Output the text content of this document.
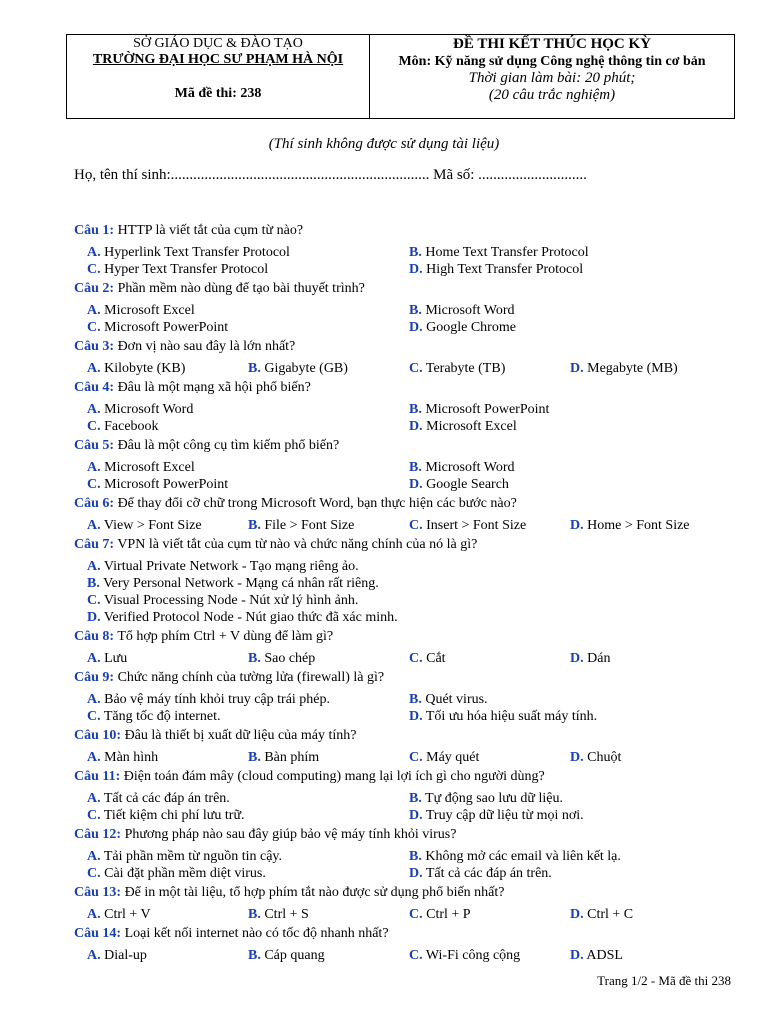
SỞ GIÁO DỤC & ĐÀO TẠO
TRƯỜNG ĐẠI HỌC SƯ PHẠM HÀ NỘI
Mã đề thi: 238
ĐỀ THI KẾT THÚC HỌC KỲ
Môn: Kỹ năng sử dụng Công nghệ thông tin cơ bản
Thời gian làm bài: 20 phút;
(20 câu trắc nghiệm)
(Thí sinh không được sử dụng tài liệu)
Họ, tên thí sinh:..................................................................... Mã số: .............................
Câu 1: HTTP là viết tắt của cụm từ nào?
A. Hyperlink Text Transfer Protocol	B. Home Text Transfer Protocol
C. Hyper Text Transfer Protocol	D. High Text Transfer Protocol
Câu 2: Phần mềm nào dùng để tạo bài thuyết trình?
A. Microsoft Excel	B. Microsoft Word
C. Microsoft PowerPoint	D. Google Chrome
Câu 3: Đơn vị nào sau đây là lớn nhất?
A. Kilobyte (KB)	B. Gigabyte (GB)	C. Terabyte (TB)	D. Megabyte (MB)
Câu 4: Đâu là một mạng xã hội phổ biến?
A. Microsoft Word	B. Microsoft PowerPoint
C. Facebook	D. Microsoft Excel
Câu 5: Đâu là một công cụ tìm kiếm phổ biến?
A. Microsoft Excel	B. Microsoft Word
C. Microsoft PowerPoint	D. Google Search
Câu 6: Để thay đổi cỡ chữ trong Microsoft Word, bạn thực hiện các bước nào?
A. View > Font Size	B. File > Font Size	C. Insert > Font Size	D. Home > Font Size
Câu 7: VPN là viết tắt của cụm từ nào và chức năng chính của nó là gì?
A. Virtual Private Network - Tạo mạng riêng ảo.
B. Very Personal Network - Mạng cá nhân rất riêng.
C. Visual Processing Node - Nút xử lý hình ảnh.
D. Verified Protocol Node - Nút giao thức đã xác minh.
Câu 8: Tổ hợp phím Ctrl + V dùng để làm gì?
A. Lưu	B. Sao chép	C. Cắt	D. Dán
Câu 9: Chức năng chính của tường lửa (firewall) là gì?
A. Bảo vệ máy tính khỏi truy cập trái phép.	B. Quét virus.
C. Tăng tốc độ internet.	D. Tối ưu hóa hiệu suất máy tính.
Câu 10: Đâu là thiết bị xuất dữ liệu của máy tính?
A. Màn hình	B. Bàn phím	C. Máy quét	D. Chuột
Câu 11: Điện toán đám mây (cloud computing) mang lại lợi ích gì cho người dùng?
A. Tất cả các đáp án trên.	B. Tự động sao lưu dữ liệu.
C. Tiết kiệm chi phí lưu trữ.	D. Truy cập dữ liệu từ mọi nơi.
Câu 12: Phương pháp nào sau đây giúp bảo vệ máy tính khỏi virus?
A. Tải phần mềm từ nguồn tin cậy.	B. Không mở các email và liên kết lạ.
C. Cài đặt phần mềm diệt virus.	D. Tất cả các đáp án trên.
Câu 13: Để in một tài liệu, tổ hợp phím tắt nào được sử dụng phổ biến nhất?
A. Ctrl + V	B. Ctrl + S	C. Ctrl + P	D. Ctrl + C
Câu 14: Loại kết nối internet nào có tốc độ nhanh nhất?
A. Dial-up	B. Cáp quang	C. Wi-Fi công cộng	D. ADSL
Trang 1/2 - Mã đề thi 238
